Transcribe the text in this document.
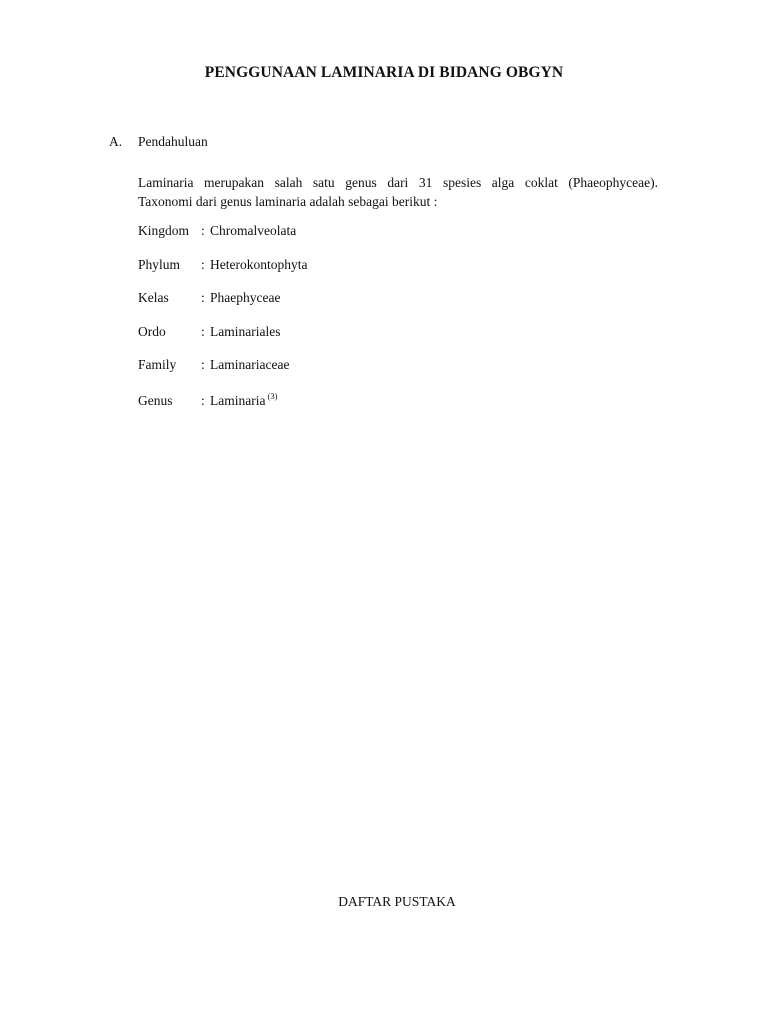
PENGGUNAAN LAMINARIA DI BIDANG OBGYN
A. Pendahuluan
Laminaria merupakan salah satu genus dari 31 spesies alga coklat (Phaeophyceae).
Taxonomi dari genus laminaria adalah sebagai berikut :
Kingdom : Chromalveolata
Phylum : Heterokontophyta
Kelas : Phaephyceae
Ordo	: Laminariales
Family : Laminariaceae
Genus : Laminaria $^{(3)}$
DAFTAR PUSTAKA
